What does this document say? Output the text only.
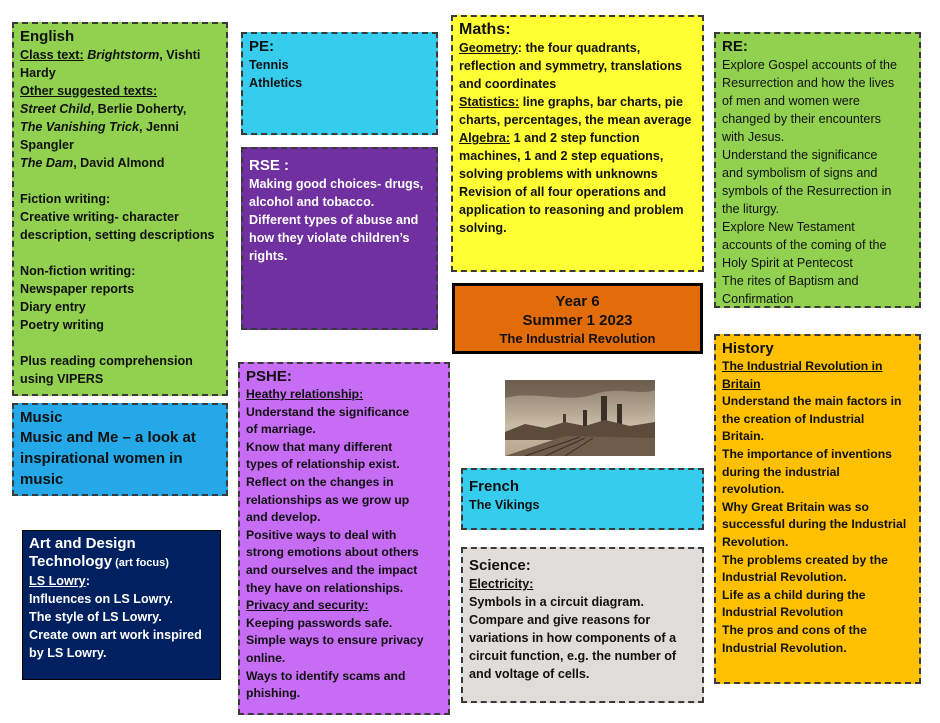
English
Class text: Brightstorm, Vishti
Hardy
Other suggested texts:
Street Child, Berlie Doherty,
The Vanishing Trick, Jenni
Spangler
The Dam, David Almond
Fiction writing:
Creative writing- character
description, setting descriptions
Non-fiction writing:
Newspaper reports
Diary entry
Poetry writing
Plus reading comprehension
using VIPERS
PE:
Tennis
Athletics
RSE :
Making good choices- drugs,
alcohol and tobacco.
Different types of abuse and
how they violate children’s
rights.
Maths:
Geometry: the four quadrants,
reflection and symmetry, translations
and coordinates
Statistics: line graphs, bar charts, pie
charts, percentages, the mean average
Algebra: 1 and 2 step function
machines, 1 and 2 step equations,
solving problems with unknowns
Revision of all four operations and
application to reasoning and problem
solving.
RE:
Explore Gospel accounts of the
Resurrection and how the lives
of men and women were
changed by their encounters
with Jesus.
Understand the significance
and symbolism of signs and
symbols of the Resurrection in
the liturgy.
Explore New Testament
accounts of the coming of the
Holy Spirit at Pentecost
The rites of Baptism and
Confirmation
Year 6
Summer 1 2023
The Industrial Revolution
Music
Music and Me – a look at
inspirational women in
music
Art and Design
Technology (art focus)
LS Lowry:
Influences on LS Lowry.
The style of LS Lowry.
Create own art work inspired
by LS Lowry.
PSHE:
Heathy relationship:
Understand the significance
of marriage.
Know that many different
types of relationship exist.
Reflect on the changes in
relationships as we grow up
and develop.
Positive ways to deal with
strong emotions about others
and ourselves and the impact
they have on relationships.
Privacy and security:
Keeping passwords safe.
Simple ways to ensure privacy
online.
Ways to identify scams and
phishing.
French
The Vikings
Science:
Electricity:
Symbols in a circuit diagram.
Compare and give reasons for
variations in how components of a
circuit function, e.g. the number of
and voltage of cells.
History
The Industrial Revolution in
Britain
Understand the main factors in
the creation of Industrial
Britain.
The importance of inventions
during the industrial
revolution.
Why Great Britain was so
successful during the Industrial
Revolution.
The problems created by the
Industrial Revolution.
Life as a child during the
Industrial Revolution
The pros and cons of the
Industrial Revolution.
